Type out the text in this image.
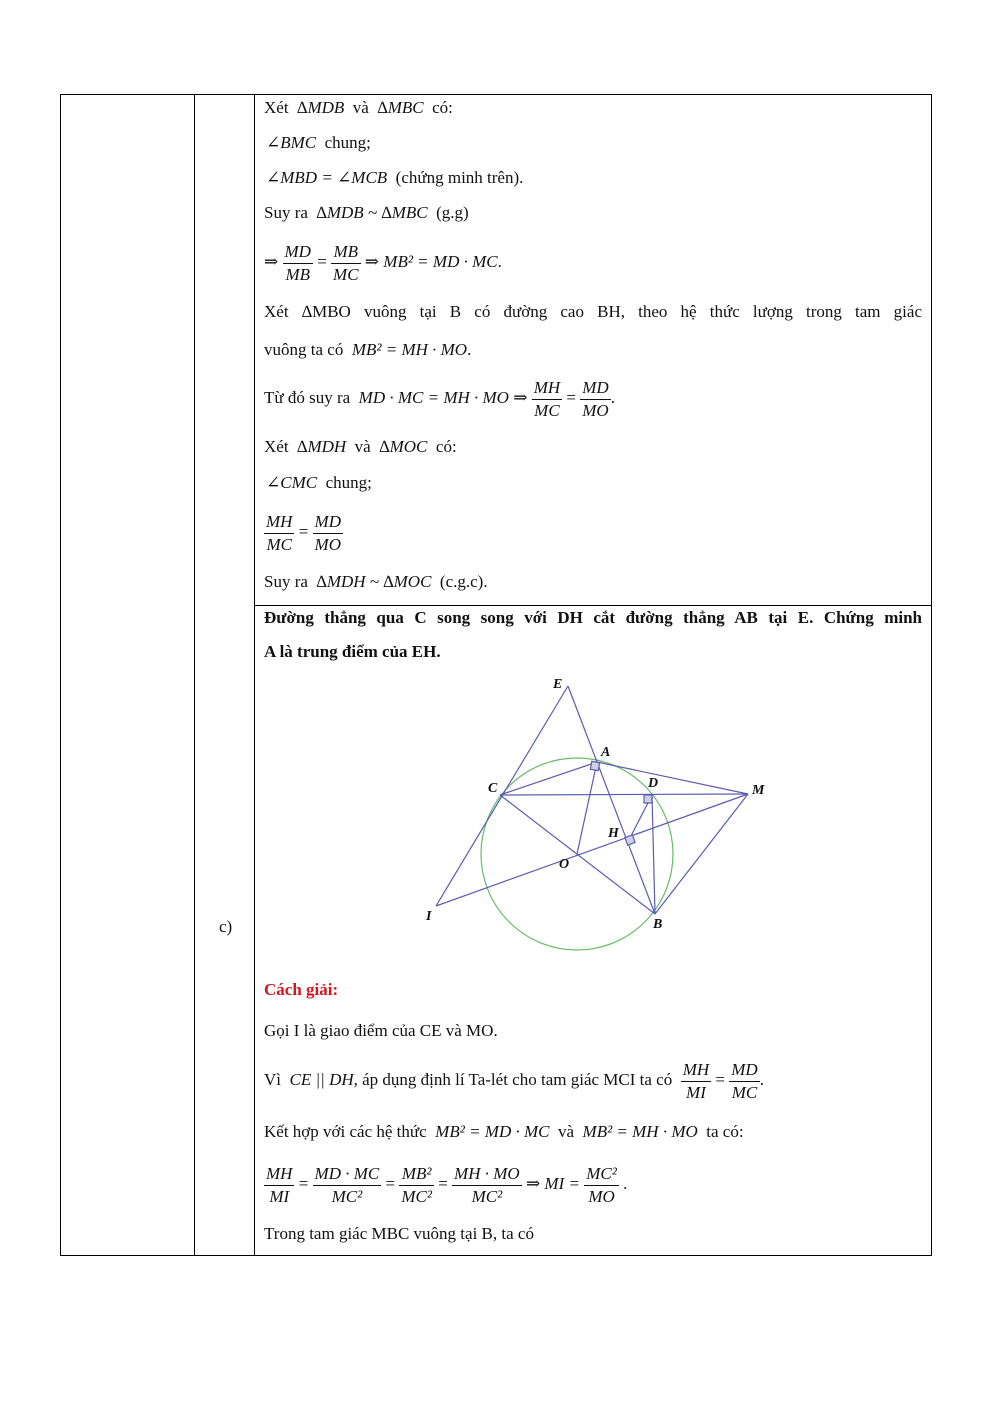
c)
Xét ∆MDB và ∆MBC có:
∠BMC chung;
∠MBD = ∠MCB (chứng minh trên).
Suy ra ∆MDB ~ ∆MBC (g.g)
⇒ $\frac{MD}{MB} = \frac{MB}{MC}$ ⇒ MB² = MD · MC.
Xét ∆MBO vuông tại B có đường cao BH, theo hệ thức lượng trong tam giác
vuông ta có MB² = MH · MO.
Từ đó suy ra MD · MC = MH · MO ⇒ $\frac{MH}{MC} = \frac{MD}{MO}$ .
Xét ∆MDH và ∆MOC có:
∠CMC chung;
$\frac{MH}{MC} = \frac{MD}{MO}$
Suy ra ∆MDH ~ ∆MOC (c.g.c).
Đường thẳng qua C song song với DH cắt đường thẳng AB tại E. Chứng minh
A là trung điểm của EH.
E
A
C	D	M
H
O
I
B
Cách giải:
Gọi I là giao điểm của CE và MO.
Vì CE || DH, áp dụng định lí Ta-lét cho tam giác MCI ta có $\frac{MH}{MI} = \frac{MD}{MC}$ .
Kết hợp với các hệ thức MB² = MD · MC và MB² = MH · MO ta có:
$\frac{MH}{MI} = \frac{MD \cdot MC}{\text{MC²}} = \frac{\text{MB²}}{\text{MC²}} = \frac{MH \cdot MO}{\text{MC²}}$ ⇒ MI = $\frac{\text{MC²}}{MO}$ .
Trong tam giác MBC vuông tại B, ta có
